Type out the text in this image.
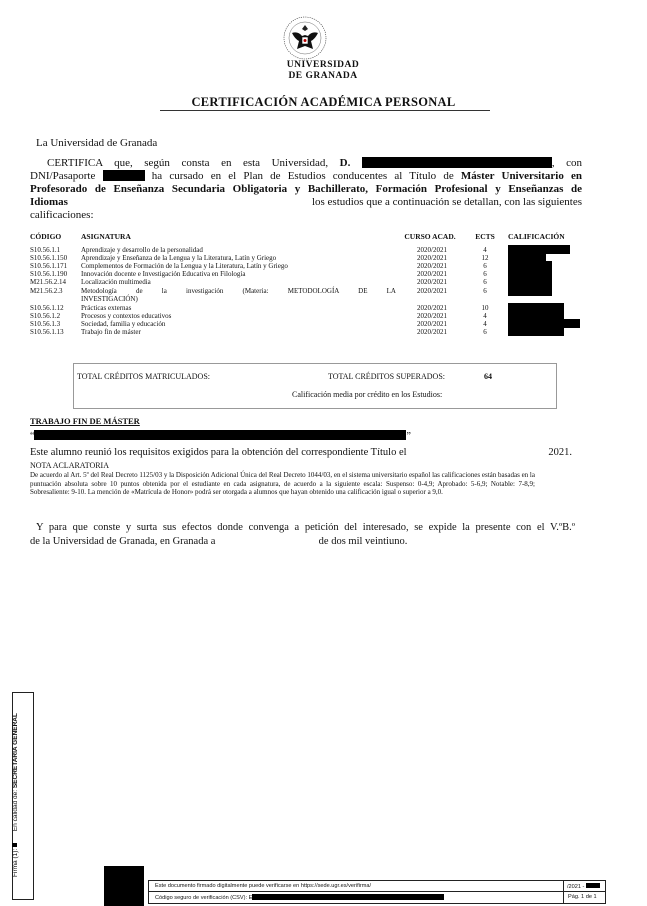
UNIVERSIDAD
DE GRANADA
CERTIFICACIÓN ACADÉMICA PERSONAL
La Universidad de Granada
CERTIFICA que, según consta en esta Universidad, D.	, con
DNI/Pasaporte	ha cursado en el Plan de Estudios conducentes al Título de Máster Universitario en
Profesorado de Enseñanza Secundaria Obligatoria y Bachillerato, Formación Profesional y Enseñanzas de
Idiomas	los estudios que a continuación se detallan, con las siguientes
calificaciones:
CÓDIGO	ASIGNATURA	CURSO ACAD.	ECTS	CALIFICACIÓN
S10.56.1.1	Aprendizaje y desarrollo de la personalidad	2020/2021	4
S10.56.1.150 Aprendizaje y Enseñanza de la Lengua y la Literatura, Latín y Griego	2020/2021	12
S10.56.1.171 Complementos de Formación de la Lengua y la Literatura, Latín y Griego	2020/2021	6
S10.56.1.190 Innovación docente e Investigación Educativa en Filología	2020/2021	6
M21.56.2.14 Localización multimedia	2020/2021	6
M21.56.2.3	Metodología de la investigación (Materia: METODOLOGÍA DE LA	2020/2021	6
INVESTIGACIÓN)
S10.56.1.12 Prácticas externas	2020/2021	10
S10.56.1.2	Procesos y contextos educativos	2020/2021	4
S10.56.1.3	Sociedad, familia y educación	2020/2021	4
S10.56.1.13 Trabajo fin de máster	2020/2021	6
TOTAL CRÉDITOS MATRICULADOS:	TOTAL CRÉDITOS SUPERADOS:	64
Calificación media por crédito en los Estudios:
TRABAJO FIN DE MÁSTER
“	”
Este alumno reunió los requisitos exigidos para la obtención del correspondiente Título el	2021.
NOTA ACLARATORIA
De acuerdo al Art. 5º del Real Decreto 1125/03 y la Disposición Adicional Única del Real Decreto 1044/03, en el sistema universitario español las calificaciones están basadas en la puntuación absoluta sobre 10 puntos obtenida por el estudiante en cada asignatura, de acuerdo a la siguiente escala: Suspenso: 0-4,9; Aprobado: 5-6,9; Notable: 7-8,9; Sobresaliente: 9-10. La mención de «Matrícula de Honor» podrá ser otorgada a alumnos que hayan obtenido una calificación igual o superior a 9,0.
Y para que conste y surta sus efectos donde convenga a petición del interesado, se expide la presente con el V.ºB.º
de la Universidad de Granada, en Granada a	de dos mil veintiuno.
Firma (1):  En calidad de: SECRETARIA GENERAL
Este documento firmado digitalmente puede verificarse en https://sede.ugr.es/verifirma/
Código seguro de verificación (CSV): E
/2021 -
Pág. 1 de 1
